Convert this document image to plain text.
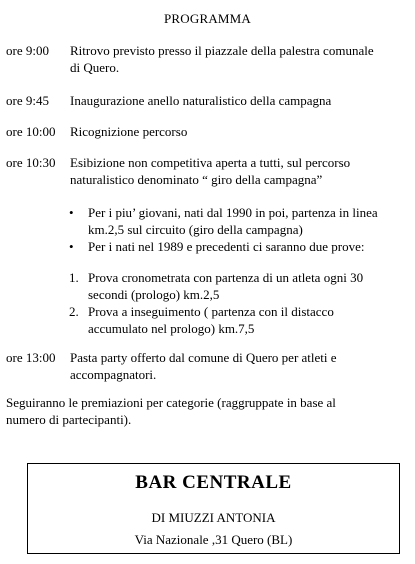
PROGRAMMA
ore 9:00	Ritrovo previsto presso il piazzale della palestra comunale
di Quero.
ore 9:45	Inaugurazione anello naturalistico della campagna
ore 10:00	Ricognizione percorso
ore 10:30	Esibizione non competitiva aperta a tutti, sul percorso
naturalistico denominato “ giro della campagna”
•	Per i piu’ giovani, nati dal 1990 in poi, partenza in linea
km.2,5 sul circuito (giro della campagna)
•	Per i nati nel 1989 e precedenti ci saranno due prove:
1. Prova cronometrata con partenza di un atleta ogni 30
secondi (prologo) km.2,5
2. Prova a inseguimento ( partenza con il distacco
accumulato nel prologo) km.7,5
ore 13:00	Pasta party offerto dal comune di Quero per atleti e
accompagnatori.
Seguiranno le premiazioni per categorie (raggruppate in base al
numero di partecipanti).
BAR CENTRALE
DI MIUZZI ANTONIA
Via Nazionale ,31 Quero (BL)
